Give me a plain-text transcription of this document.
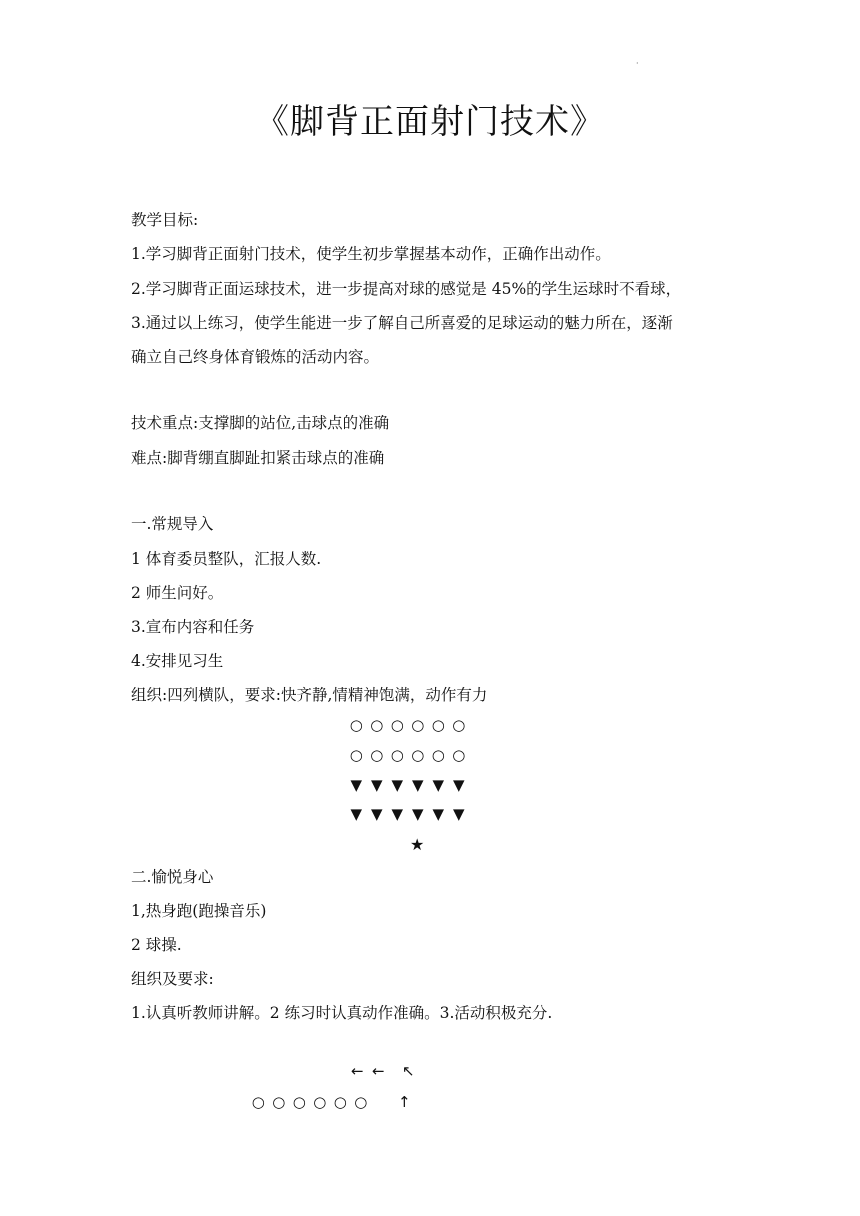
·
《脚背正面射门技术》
教学目标:
1.学习脚背正面射门技术，使学生初步掌握基本动作，正确作出动作。
2.学习脚背正面运球技术，进一步提高对球的感觉是 45%的学生运球时不看球，
3.通过以上练习，使学生能进一步了解自己所喜爱的足球运动的魅力所在，逐渐
确立自己终身体育锻炼的活动内容。
技术重点:支撑脚的站位,击球点的准确
难点:脚背绷直脚趾扣紧击球点的准确
一.常规导入
1 体育委员整队，汇报人数.
2 师生问好。
3.宣布内容和任务
4.安排见习生
组织:四列横队，要求:快齐静,情精神饱满，动作有力
○ ○ ○ ○ ○ ○
○ ○ ○ ○ ○ ○
▼ ▼ ▼ ▼ ▼ ▼
▼ ▼ ▼ ▼ ▼ ▼
★
二.愉悦身心
1,热身跑(跑操音乐)
2 球操.
组织及要求:
1.认真听教师讲解。2 练习时认真动作准确。3.活动积极充分.
← ← ↖
○ ○ ○ ○ ○ ○ ↑
